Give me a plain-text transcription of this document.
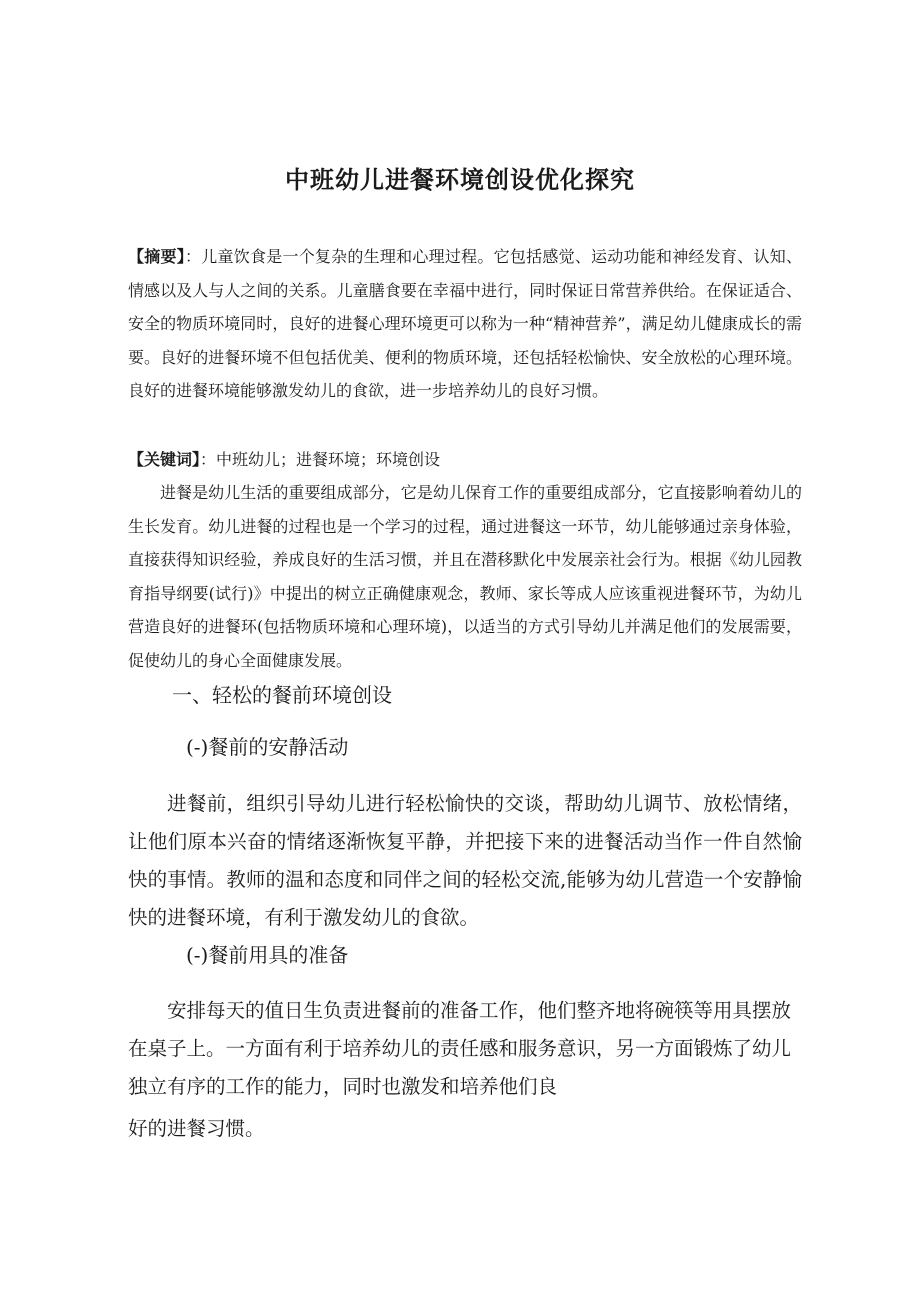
中班幼儿进餐环境创设优化探究

【摘要】：儿童饮食是一个复杂的生理和心理过程。它包括感觉、运动功能和神经发育、认知、情感以及人与人之间的关系。儿童膳食要在幸福中进行，同时保证日常营养供给。在保证适合、安全的物质环境同时，良好的进餐心理环境更可以称为一种“精神营养”，满足幼儿健康成长的需要。良好的进餐环境不但包括优美、便利的物质环境，还包括轻松愉快、安全放松的心理环境。良好的进餐环境能够激发幼儿的食欲，进一步培养幼儿的良好习惯。

【关键词】：中班幼儿；进餐环境；环境创设

进餐是幼儿生活的重要组成部分，它是幼儿保育工作的重要组成部分，它直接影响着幼儿的生长发育。幼儿进餐的过程也是一个学习的过程，通过进餐这一环节，幼儿能够通过亲身体验，直接获得知识经验，养成良好的生活习惯，并且在潜移默化中发展亲社会行为。根据《幼儿园教育指导纲要(试行)》中提出的树立正确健康观念，教师、家长等成人应该重视进餐环节，为幼儿营造良好的进餐环(包括物质环境和心理环境)，以适当的方式引导幼儿并满足他们的发展需要，促使幼儿的身心全面健康发展。

一、轻松的餐前环境创设
(-)餐前的安静活动

进餐前，组织引导幼儿进行轻松愉快的交谈，帮助幼儿调节、放松情绪，让他们原本兴奋的情绪逐渐恢复平静，并把接下来的进餐活动当作一件自然愉快的事情。教师的温和态度和同伴之间的轻松交流,能够为幼儿营造一个安静愉快的进餐环境，有利于激发幼儿的食欲。

(-)餐前用具的准备

安排每天的值日生负责进餐前的准备工作，他们整齐地将碗筷等用具摆放在桌子上。一方面有利于培养幼儿的责任感和服务意识，另一方面锻炼了幼儿独立有序的工作的能力，同时也激发和培养他们良

好的进餐习惯。
